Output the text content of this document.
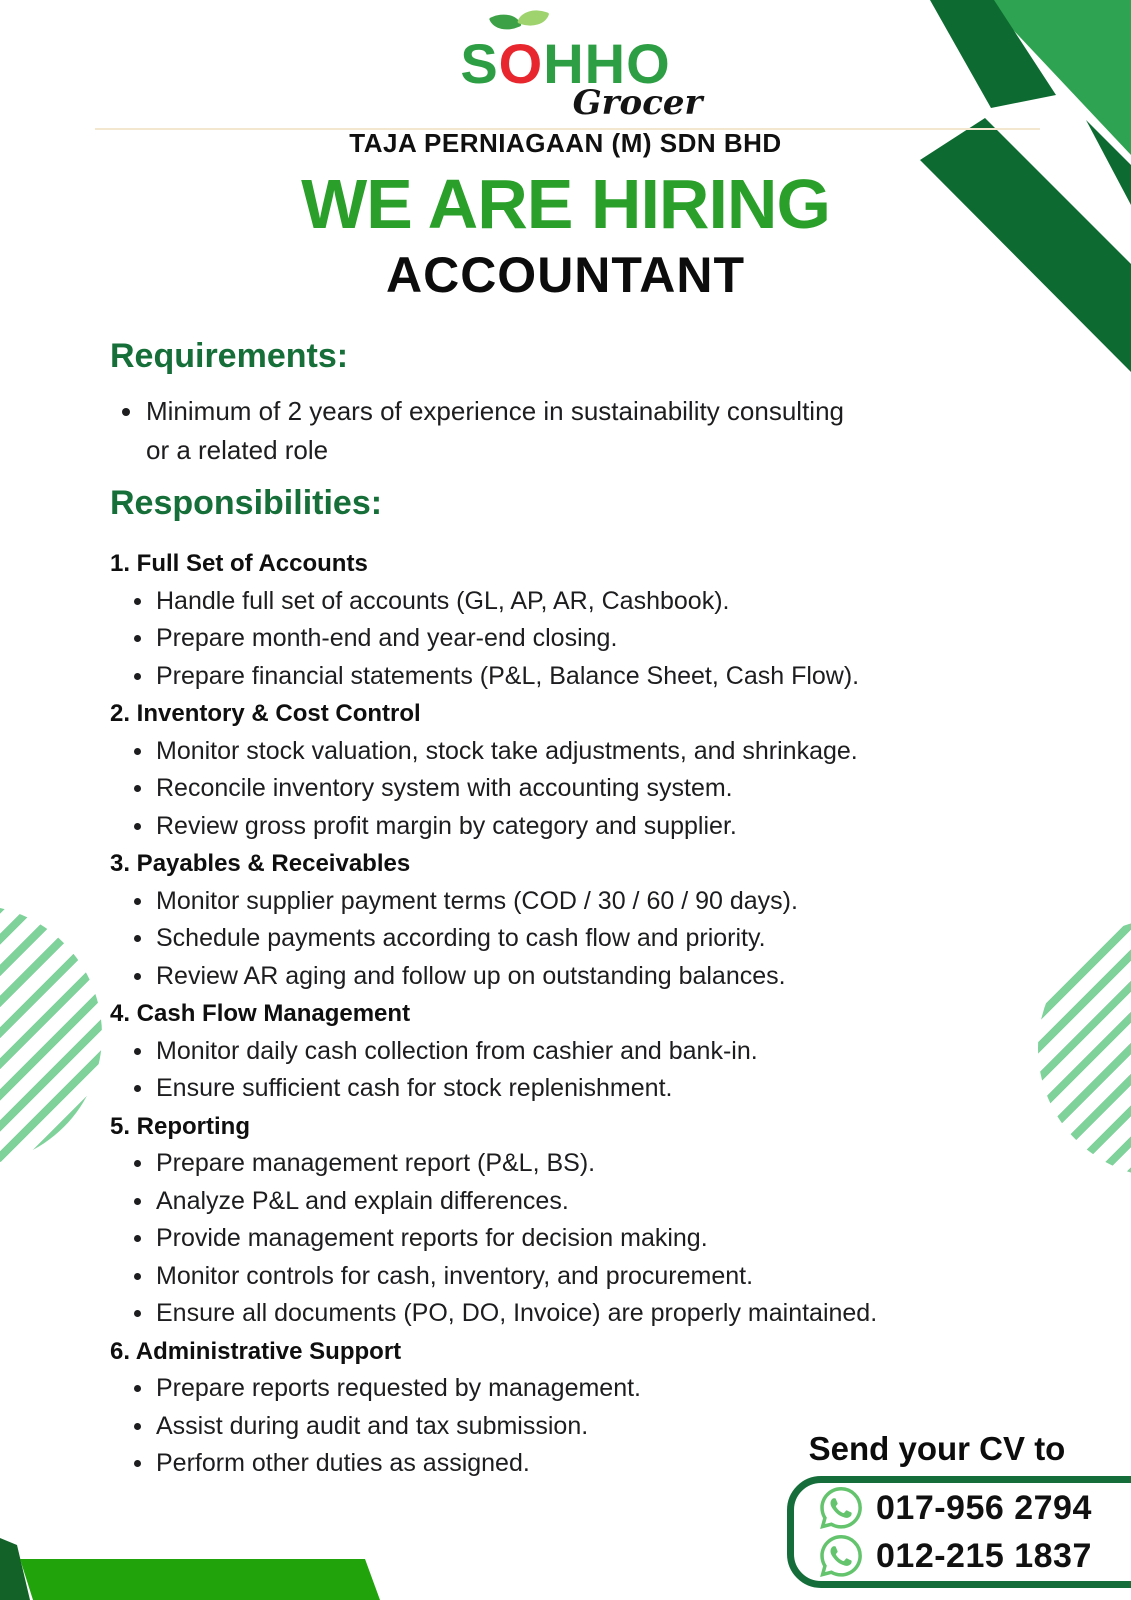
S
OHHO
Grocer
TAJA PERNIAGAAN (M) SDN BHD
WE ARE HIRING
ACCOUNTANT
Requirements:
Minimum of 2 years of experience in sustainability consulting or a related role
Responsibilities:
1. Full Set of Accounts
Handle full set of accounts (GL, AP, AR, Cashbook).
Prepare month-end and year-end closing.
Prepare financial statements (P&L, Balance Sheet, Cash Flow).
2. Inventory & Cost Control
Monitor stock valuation, stock take adjustments, and shrinkage.
Reconcile inventory system with accounting system.
Review gross profit margin by category and supplier.
3. Payables & Receivables
Monitor supplier payment terms (COD / 30 / 60 / 90 days).
Schedule payments according to cash flow and priority.
Review AR aging and follow up on outstanding balances.
4. Cash Flow Management
Monitor daily cash collection from cashier and bank-in.
Ensure sufficient cash for stock replenishment.
5. Reporting
Prepare management report (P&L, BS).
Analyze P&L and explain differences.
Provide management reports for decision making.
Monitor controls for cash, inventory, and procurement.
Ensure all documents (PO, DO, Invoice) are properly maintained.
6. Administrative Support
Prepare reports requested by management.
Assist during audit and tax submission.
Perform other duties as assigned.	Send your CV to
017-956 2794
012-215 1837
